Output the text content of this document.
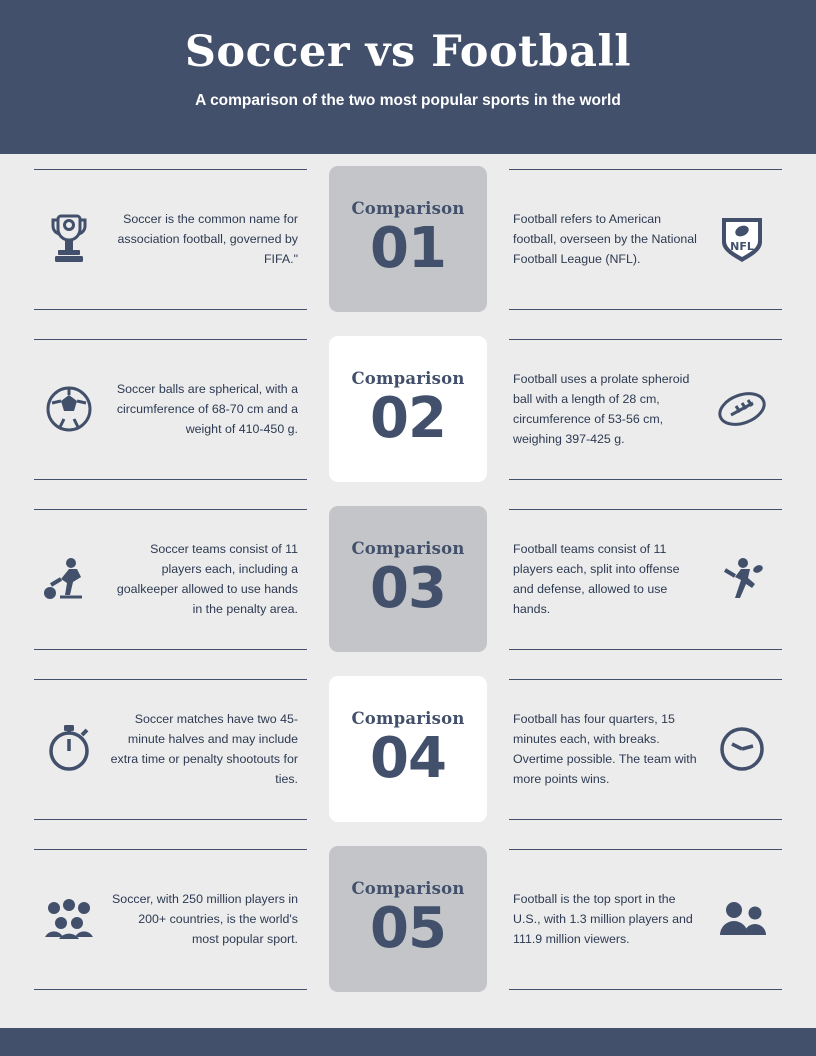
Soccer vs Football
A comparison of the two most popular sports in the world
Soccer is the common name for association football, governed by FIFA."
Comparison
01	Football refers to American football, overseen by the National Football League (NFL).
NFL
Soccer balls are spherical, with a circumference of 68-70 cm and a weight of 410-450 g.
Comparison
02
Football uses a prolate spheroid ball with a length of 28 cm, circumference of 53-56 cm, weighing 397-425 g.
Soccer teams consist of 11 players each, including a goalkeeper allowed to use hands in the penalty area.
Comparison
03
Football teams consist of 11 players each, split into offense and defense, allowed to use hands.
Soccer matches have two 45-minute halves and may include extra time or penalty shootouts for ties.
Comparison
04
Football has four quarters, 15 minutes each, with breaks. Overtime possible. The team with more points wins.
Soccer, with 250 million players in 200+ countries, is the world's most popular sport.
Comparison
05	Football is the top sport in the U.S., with 1.3 million players and 111.9 million viewers.
